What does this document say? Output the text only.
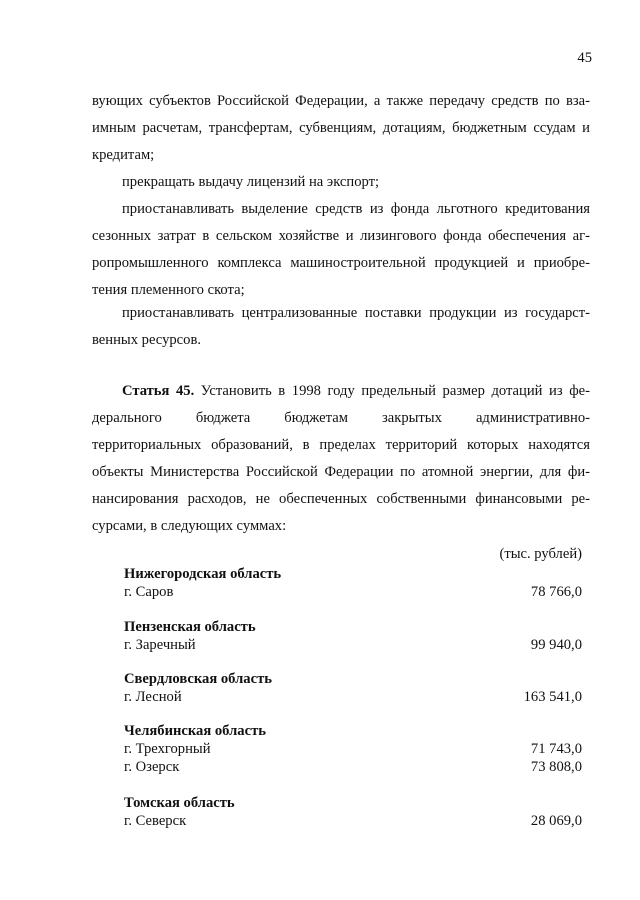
45
вующих субъектов Российской Федерации, а также передачу средств по вза-
имным расчетам, трансфертам, субвенциям, дотациям, бюджетным ссудам и
кредитам;
прекращать выдачу лицензий на экспорт;
приостанавливать выделение средств из фонда льготного кредитования
сезонных затрат в сельском хозяйстве и лизингового фонда обеспечения аг-
ропромышленного комплекса машиностроительной продукцией и приобре-
тения племенного скота;
приостанавливать централизованные поставки продукции из государст-
венных ресурсов.
Статья 45. Установить в 1998 году предельный размер дотаций из фе-
дерального бюджета бюджетам закрытых административно-
территориальных образований, в пределах территорий которых находятся
объекты Министерства Российской Федерации по атомной энергии, для фи-
нансирования расходов, не обеспеченных собственными финансовыми ре-
сурсами, в следующих суммах:
(тыс. рублей)
Нижегородская область
г. Саров	78 766,0
Пензенская область
г. Заречный	99 940,0
Свердловская область
г. Лесной	163 541,0
Челябинская область
г. Трехгорный	71 743,0
г. Озерск	73 808,0
Томская область
г. Северск	28 069,0
